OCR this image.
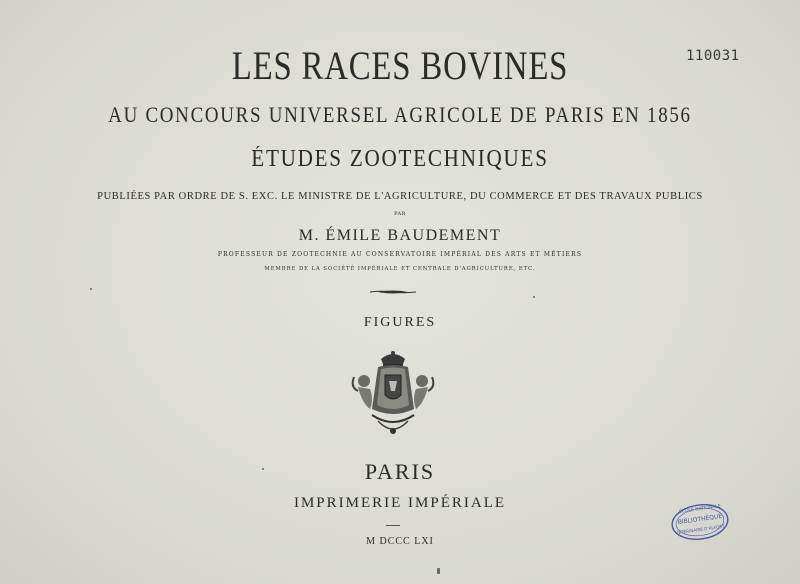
110031
LES RACES BOVINES
AU CONCOURS UNIVERSEL AGRICOLE DE PARIS EN 1856
ÉTUDES ZOOTECHNIQUES
PUBLIÉES PAR ORDRE DE S. EXC. LE MINISTRE DE L'AGRICULTURE, DU COMMERCE ET DES TRAVAUX PUBLICS
PAR
M. ÉMILE BAUDEMENT
PROFESSEUR DE ZOOTECHNIE AU CONSERVATOIRE IMPÉRIAL DES ARTS ET MÉTIERS
MEMBRE DE LA SOCIÉTÉ IMPÉRIALE ET CENTRALE D'AGRICULTURE, ETC.
FIGURES
PARIS
IMPRIMERIE IMPÉRIALE
M DCCC LXI
ÉCOLE NATIONALE
BIBLIOTHÈQUE
VÉTÉRINAIRE D'ALFORT
